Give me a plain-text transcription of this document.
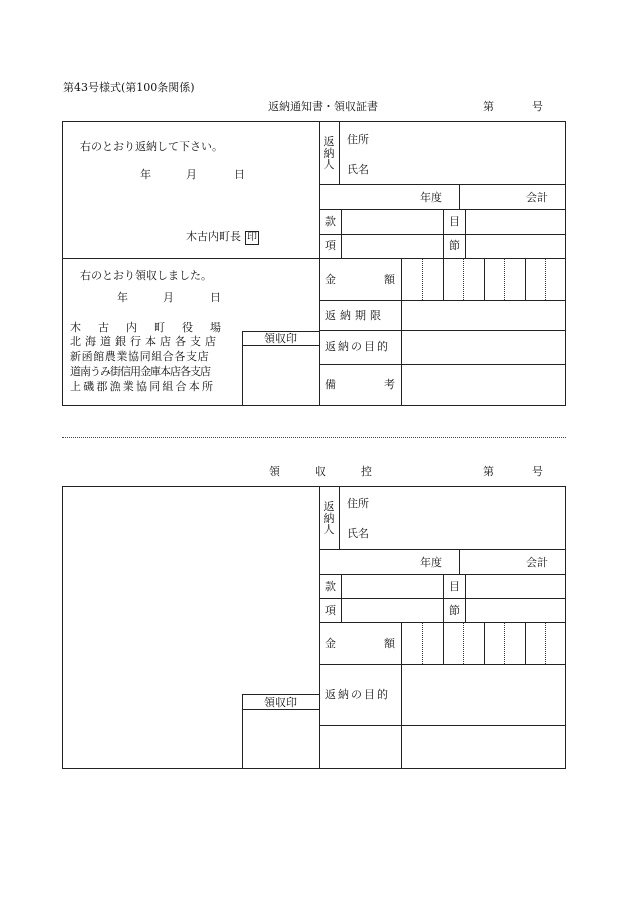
第43号様式(第100条関係)
返納通知書・領収証書	第	号
右のとおり返納して下さい。
年	月	日
木古内町長 印
返納人
住所
氏名
年度	会計
款	目
項	節
金	額
返納期限
返納の目的
備	考
右のとおり領収しました。
年	月	日
木古内町役場
北海道銀行本店各支店
新函館農業協同組合各支店
道南うみ街信用金庫本店各支店
上磯郡漁業協同組合本所
領収印
領	収	控	第	号
返納人
住所
氏名
年度	会計
款	目
項	節
金	額
返納の目的
領収印
